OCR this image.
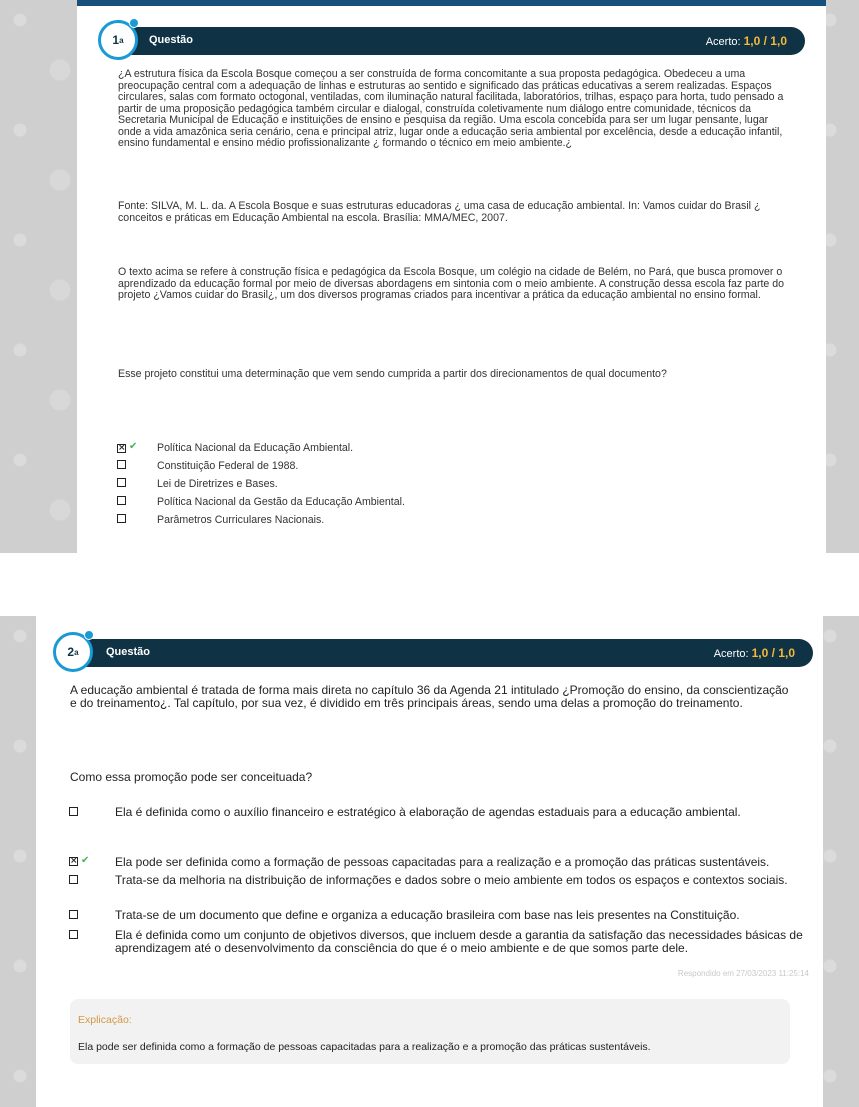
Questão	Acerto: 1,0 / 1,0
1 a
¿A estrutura física da Escola Bosque começou a ser construída de forma concomitante a sua proposta pedagógica. Obedeceu a uma preocupação central com a adequação de linhas e estruturas ao sentido e significado das práticas educativas a serem realizadas. Espaços circulares, salas com formato octogonal, ventiladas, com iluminação natural facilitada, laboratórios, trilhas, espaço para horta, tudo pensado a partir de uma proposição pedagógica também circular e dialogal, construída coletivamente num diálogo entre comunidade, técnicos da Secretaria Municipal de Educação e instituições de ensino e pesquisa da região. Uma escola concebida para ser um lugar pensante, lugar onde a vida amazônica seria cenário, cena e principal atriz, lugar onde a educação seria ambiental por excelência, desde a educação infantil, ensino fundamental e ensino médio profissionalizante ¿ formando o técnico em meio ambiente.¿
Fonte: SILVA, M. L. da. A Escola Bosque e suas estruturas educadoras ¿ uma casa de educação ambiental. In: Vamos cuidar do Brasil ¿ conceitos e práticas em Educação Ambiental na escola. Brasília: MMA/MEC, 2007.
O texto acima se refere à construção física e pedagógica da Escola Bosque, um colégio na cidade de Belém, no Pará, que busca promover o aprendizado da educação formal por meio de diversas abordagens em sintonia com o meio ambiente. A construção dessa escola faz parte do projeto ¿Vamos cuidar do Brasil¿, um dos diversos programas criados para incentivar a prática da educação ambiental no ensino formal.
Esse projeto constitui uma determinação que vem sendo cumprida a partir dos direcionamentos de qual documento?
× ✔ Política Nacional da Educação Ambiental.
Constituição Federal de 1988.
Lei de Diretrizes e Bases.
Política Nacional da Gestão da Educação Ambiental.
Parâmetros Curriculares Nacionais.
Questão	Acerto: 1,0 / 1,0
2 a
A educação ambiental é tratada de forma mais direta no capítulo 36 da Agenda 21 intitulado ¿Promoção do ensino, da conscientização e do treinamento¿. Tal capítulo, por sua vez, é dividido em três principais áreas, sendo uma delas a promoção do treinamento.
Como essa promoção pode ser conceituada?
Ela é definida como o auxílio financeiro e estratégico à elaboração de agendas estaduais para a educação ambiental.
× ✔ Ela pode ser definida como a formação de pessoas capacitadas para a realização e a promoção das práticas sustentáveis.
Trata-se da melhoria na distribuição de informações e dados sobre o meio ambiente em todos os espaços e contextos sociais.
Trata-se de um documento que define e organiza a educação brasileira com base nas leis presentes na Constituição.
Ela é definida como um conjunto de objetivos diversos, que incluem desde a garantia da satisfação das necessidades básicas de aprendizagem até o desenvolvimento da consciência do que é o meio ambiente e de que somos parte dele.
Respondido em 27/03/2023 11:25:14
Explicação:
Ela pode ser definida como a formação de pessoas capacitadas para a realização e a promoção das práticas sustentáveis.
